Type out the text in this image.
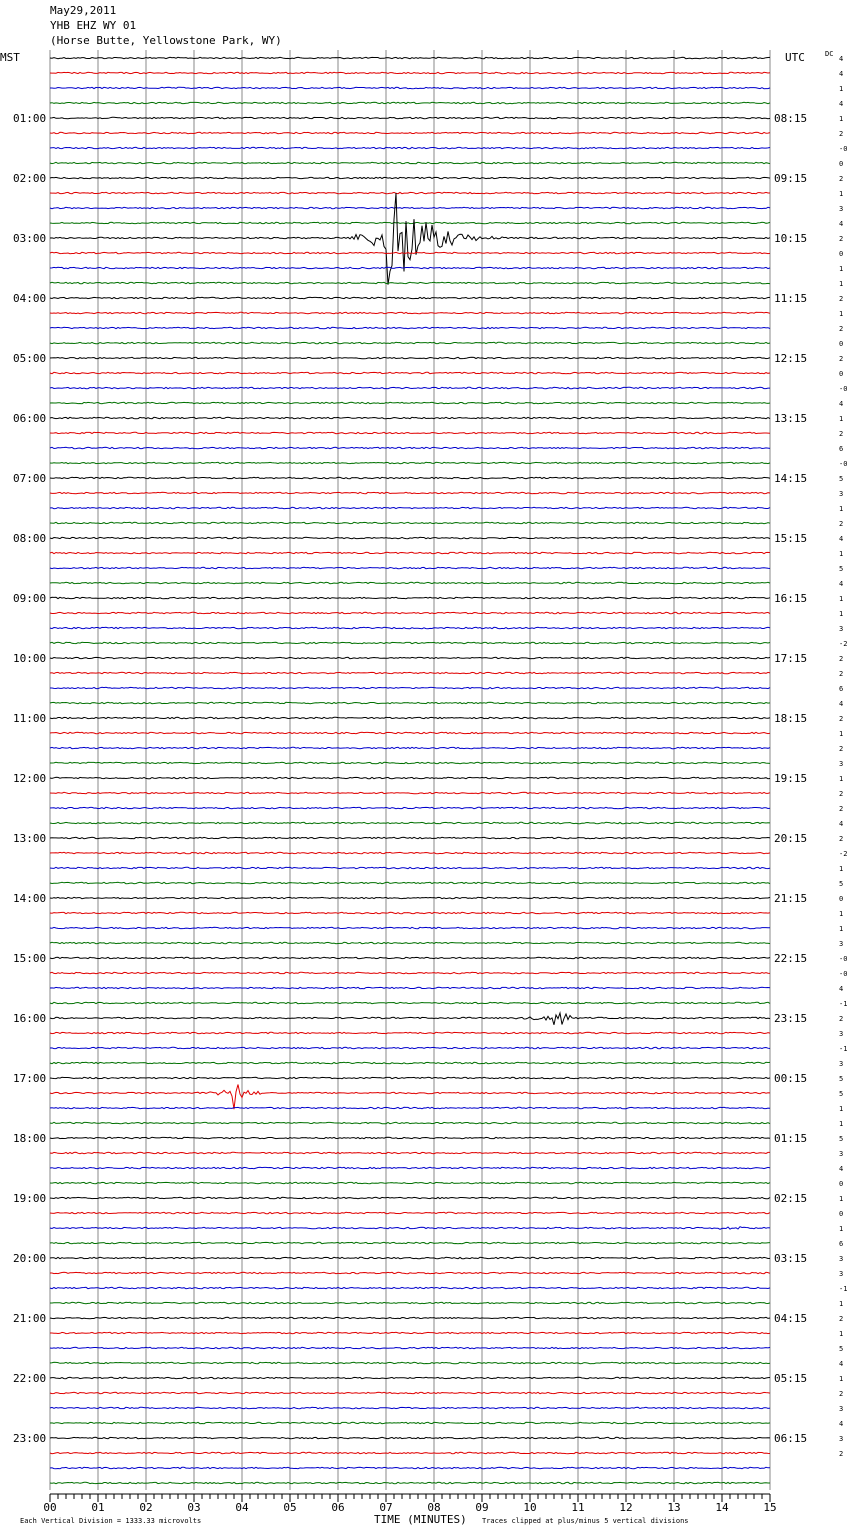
May29,2011
YHB EHZ WY 01
(Horse Butte, Yellowstone Park, WY)
MST	UTC	DC
4
4
1
4
1
2
-0
0
2
1
3
4
2
0
1
1
2
1
2
0
2
0
-0
4
1
2
6
-0
5
3
1
2
4
1
5
4
1
1
3
-2
2
2
6
4
2
1
2
3
1
2
2
4
2
-2
1
5
0
1
1
3
-0
-0
4
-1
2
3
-1
3
5
5
1
1
5
3
4
0
1
0
1
6
3
3
-1
1
2
1
5
4
1
2
3
4
3
2
01:00
02:00
03:00
04:00
05:00
06:00
07:00
08:00
09:00
10:00
11:00
12:00
13:00
14:00
15:00
16:00
17:00
18:00
19:00
20:00
21:00
22:00
23:00
08:15
09:15
10:15
11:15
12:15
13:15
14:15
15:15
16:15
17:15
18:15
19:15
20:15
21:15
22:15
23:15
00:15
01:15
02:15
03:15
04:15
05:15
06:15
00	01	02	03	04	05	06	07	08	09	10	11	12	13	14	15
Each Vertical Division = 1333.33 microvolts	TIME (MINUTES) Traces clipped at plus/minus 5 vertical divisions
